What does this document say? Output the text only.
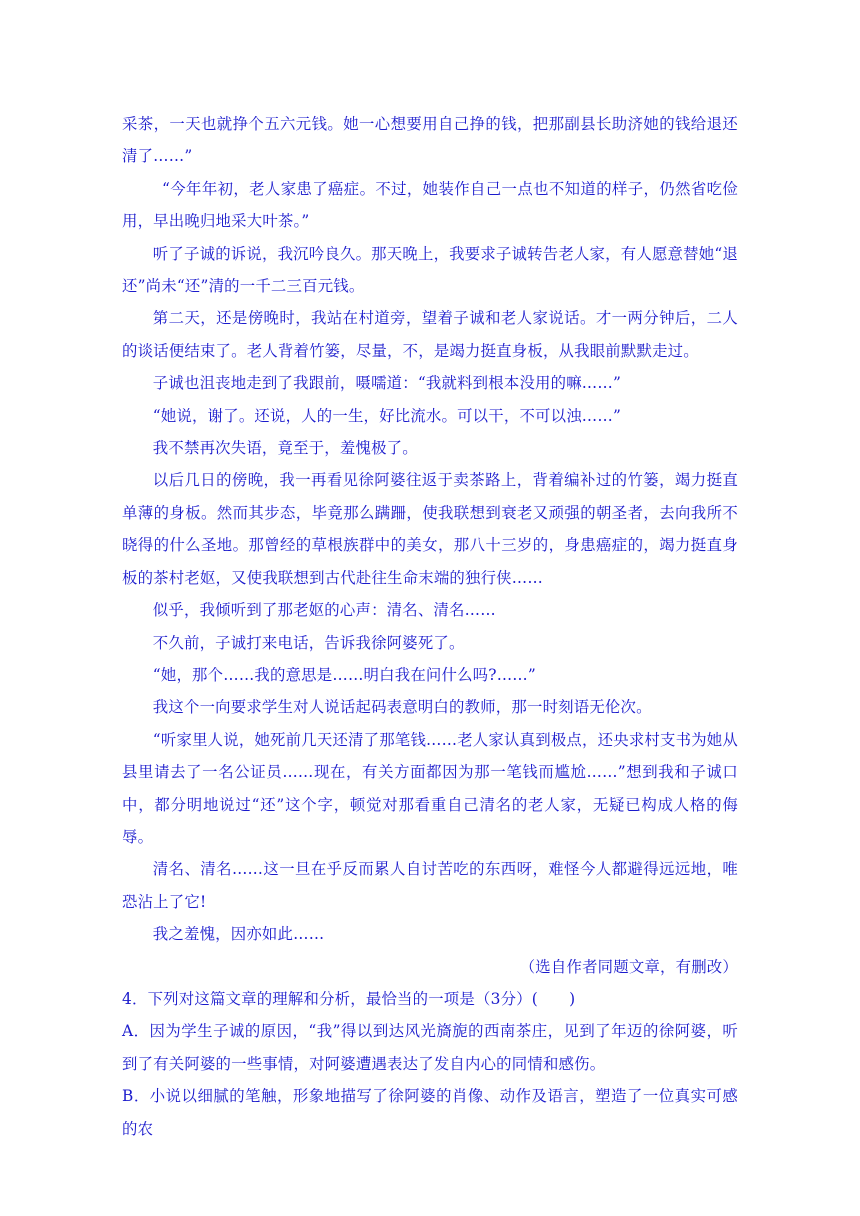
采茶，一天也就挣个五六元钱。她一心想要用自己挣的钱，把那副县长助济她的钱给退还清了……”

“今年年初，老人家患了癌症。不过，她装作自己一点也不知道的样子，仍然省吃俭用，早出晚归地采大叶茶。”

听了子诚的诉说，我沉吟良久。那天晚上，我要求子诚转告老人家，有人愿意替她“退还”尚未“还”清的一千二三百元钱。

第二天，还是傍晚时，我站在村道旁，望着子诚和老人家说话。才一两分钟后，二人的谈话便结束了。老人背着竹篓，尽量，不，是竭力挺直身板，从我眼前默默走过。

子诚也沮丧地走到了我跟前，嗫嚅道：“我就料到根本没用的嘛……”

“她说，谢了。还说，人的一生，好比流水。可以干，不可以浊……”

我不禁再次失语，竟至于，羞愧极了。

以后几日的傍晚，我一再看见徐阿婆往返于卖茶路上，背着编补过的竹篓，竭力挺直单薄的身板。然而其步态，毕竟那么蹒跚，使我联想到衰老又顽强的朝圣者，去向我所不晓得的什么圣地。那曾经的草根族群中的美女，那八十三岁的，身患癌症的，竭力挺直身板的茶村老妪，又使我联想到古代赴往生命末端的独行侠……

似乎，我倾听到了那老妪的心声：清名、清名……

不久前，子诚打来电话，告诉我徐阿婆死了。

“她，那个……我的意思是……明白我在问什么吗?……”

我这个一向要求学生对人说话起码表意明白的教师，那一时刻语无伦次。

“听家里人说，她死前几天还清了那笔钱……老人家认真到极点，还央求村支书为她从县里请去了一名公证员……现在，有关方面都因为那一笔钱而尴尬……”想到我和子诚口中，都分明地说过“还”这个字，顿觉对那看重自己清名的老人家，无疑已构成人格的侮辱。

清名、清名……这一旦在乎反而累人自讨苦吃的东西呀，难怪今人都避得远远地，唯恐沾上了它!

我之羞愧，因亦如此……

（选自作者同题文章，有删改）

4．下列对这篇文章的理解和分析，最恰当的一项是（3分）(　　)

A．因为学生子诚的原因，“我”得以到达风光旖旎的西南茶庄，见到了年迈的徐阿婆，听到了有关阿婆的一些事情，对阿婆遭遇表达了发自内心的同情和感伤。

B．小说以细腻的笔触，形象地描写了徐阿婆的肖像、动作及语言，塑造了一位真实可感的农
